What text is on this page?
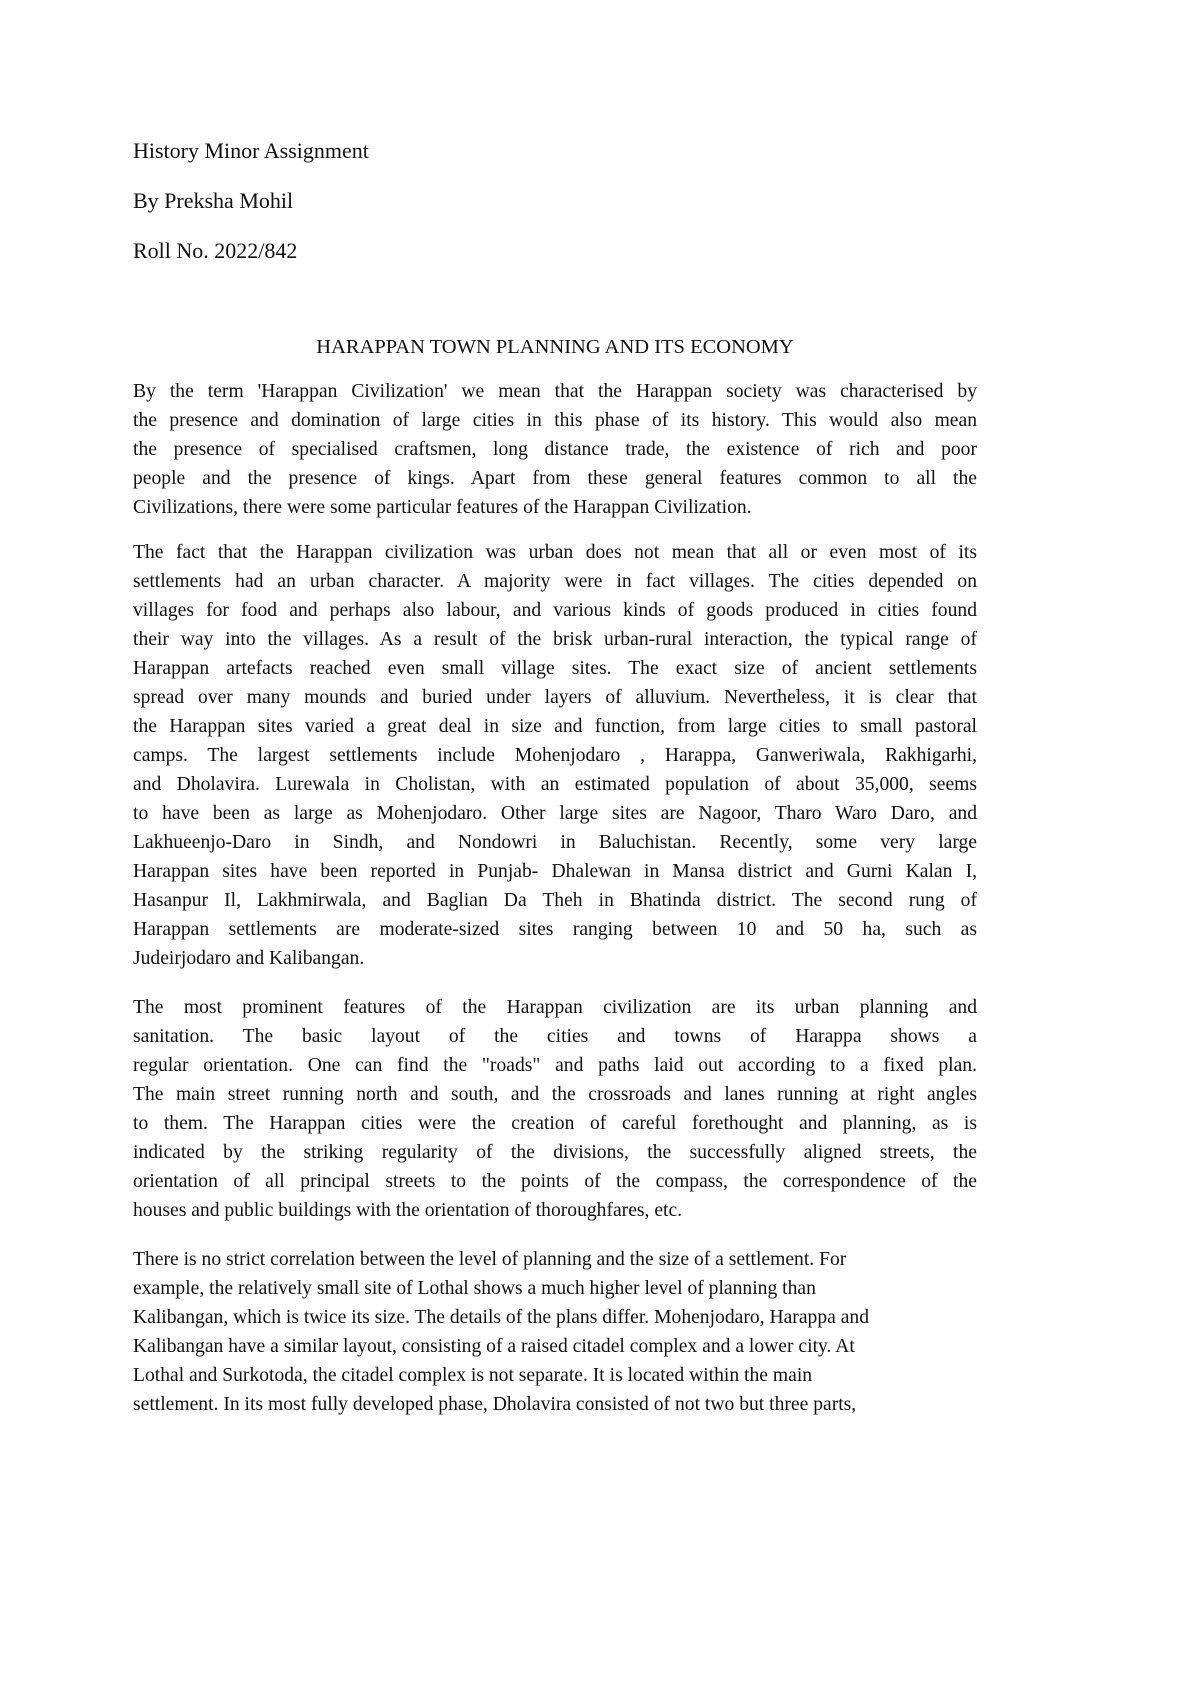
History Minor Assignment
By Preksha Mohil
Roll No. 2022/842
HARAPPAN TOWN PLANNING AND ITS ECONOMY
By the term 'Harappan Civilization' we mean that the Harappan society was characterised by
the presence and domination of large cities in this phase of its history. This would also mean
the presence of specialised craftsmen, long distance trade, the existence of rich and poor
people and the presence of kings. Apart from these general features common to all the
Civilizations, there were some particular features of the Harappan Civilization.
The fact that the Harappan civilization was urban does not mean that all or even most of its
settlements had an urban character. A majority were in fact villages. The cities depended on
villages for food and perhaps also labour, and various kinds of goods produced in cities found
their way into the villages. As a result of the brisk urban-rural interaction, the typical range of
Harappan artefacts reached even small village sites. The exact size of ancient settlements
spread over many mounds and buried under layers of alluvium. Nevertheless, it is clear that
the Harappan sites varied a great deal in size and function, from large cities to small pastoral
camps. The largest settlements include Mohenjodaro , Harappa, Ganweriwala, Rakhigarhi,
and Dholavira. Lurewala in Cholistan, with an estimated population of about 35,000, seems
to have been as large as Mohenjodaro. Other large sites are Nagoor, Tharo Waro Daro, and
Lakhueenjo-Daro in Sindh, and Nondowri in Baluchistan. Recently, some very large
Harappan sites have been reported in Punjab- Dhalewan in Mansa district and Gurni Kalan I,
Hasanpur Il, Lakhmirwala, and Baglian Da Theh in Bhatinda district. The second rung of
Harappan settlements are moderate-sized sites ranging between 10 and 50 ha, such as
Judeirjodaro and Kalibangan.
The most prominent features of the Harappan civilization are its urban planning and
sanitation. The basic layout of the cities and towns of Harappa shows a
regular orientation. One can find the "roads" and paths laid out according to a fixed plan.
The main street running north and south, and the crossroads and lanes running at right angles
to them. The Harappan cities were the creation of careful forethought and planning, as is
indicated by the striking regularity of the divisions, the successfully aligned streets, the
orientation of all principal streets to the points of the compass, the correspondence of the
houses and public buildings with the orientation of thoroughfares, etc.
There is no strict correlation between the level of planning and the size of a settlement. For
example, the relatively small site of Lothal shows a much higher level of planning than
Kalibangan, which is twice its size. The details of the plans differ. Mohenjodaro, Harappa and
Kalibangan have a similar layout, consisting of a raised citadel complex and a lower city. At
Lothal and Surkotoda, the citadel complex is not separate. It is located within the main
settlement. In its most fully developed phase, Dholavira consisted of not two but three parts,
